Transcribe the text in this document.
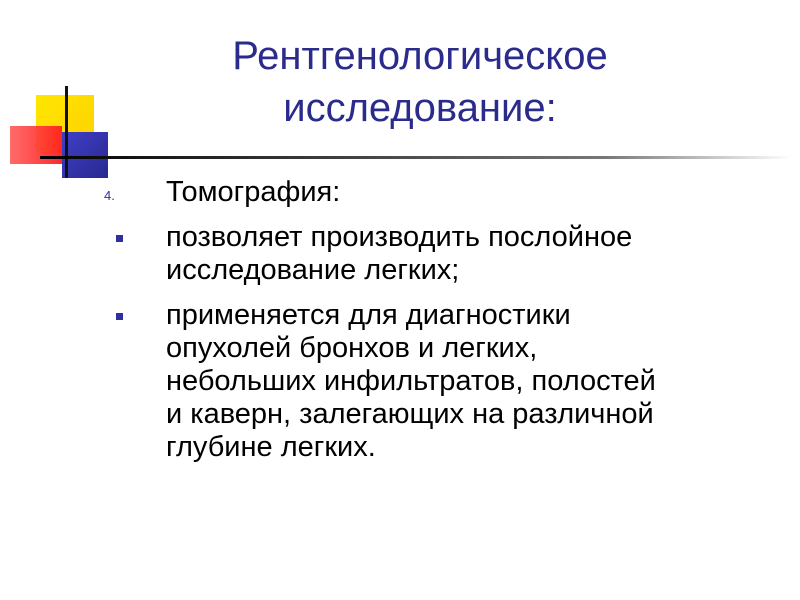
Рентгенологическое
исследование:
4.	Томография:
позволяет производить послойное
исследование легких;
применяется для диагностики
опухолей бронхов и легких,
небольших инфильтратов, полостей
и каверн, залегающих на различной
глубине легких.
